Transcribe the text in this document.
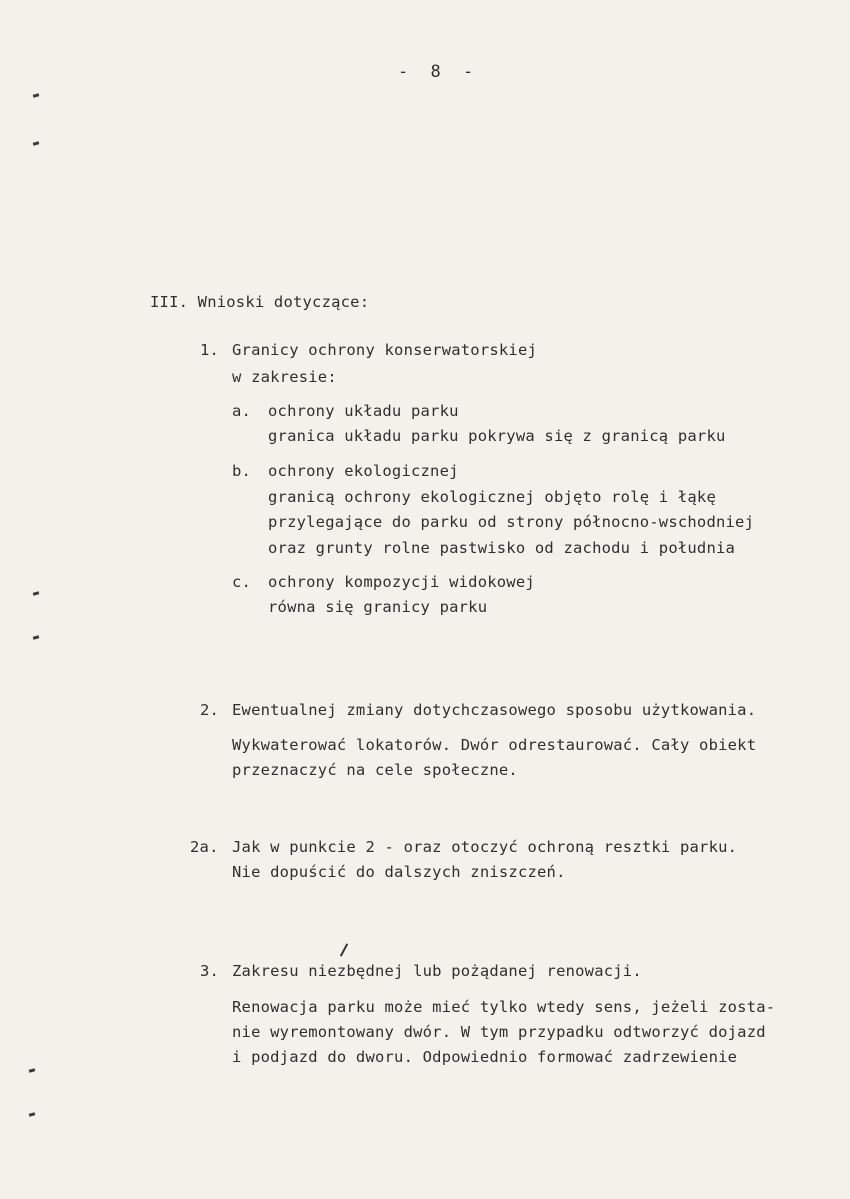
- 8 -
III. Wnioski dotyczące:
1. Granicy ochrony konserwatorskiej
w zakresie:
a. ochrony układu parku
granica układu parku pokrywa się z granicą parku
b. ochrony ekologicznej
granicą ochrony ekologicznej objęto rolę i łąkę
przylegające do parku od strony północno-wschodniej
oraz grunty rolne pastwisko od zachodu i południa
c. ochrony kompozycji widokowej
równa się granicy parku
2. Ewentualnej zmiany dotychczasowego sposobu użytkowania.
Wykwaterować lokatorów. Dwór odrestaurować. Cały obiekt
przeznaczyć na cele społeczne.
2a. Jak w punkcie 2 - oraz otoczyć ochroną resztki parku.
Nie dopuścić do dalszych zniszczeń.
3. Zakresu niezbędnej lub pożądanej renowacji.
Renowacja parku może mieć tylko wtedy sens, jeżeli zosta-
nie wyremontowany dwór. W tym przypadku odtworzyć dojazd
i podjazd do dworu. Odpowiednio formować zadrzewienie
